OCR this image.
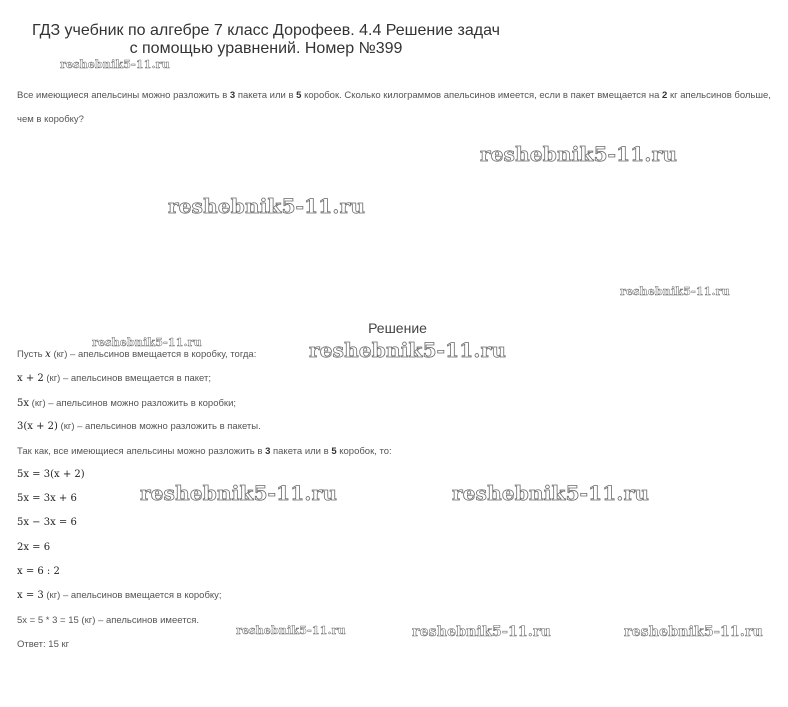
ГДЗ учебник по алгебре 7 класс Дорофеев. 4.4 Решение задач
с помощью уравнений. Номер №399
Все имеющиеся апельсины можно разложить в 3 пакета или в 5 коробок. Сколько килограммов апельсинов имеется, если в пакет вмещается на 2 кг апельсинов больше, чем в коробку?
Решение
Пусть x (кг) – апельсинов вмещается в коробку, тогда:
x + 2 (кг) – апельсинов вмещается в пакет;
5x (кг) – апельсинов можно разложить в коробки;
3(x + 2) (кг) – апельсинов можно разложить в пакеты.
Так как, все имеющиеся апельсины можно разложить в 3 пакета или в 5 коробок, то:
5x = 3(x + 2)
5x = 3x + 6
5x − 3x = 6
2x = 6
x = 6 : 2
x = 3 (кг) – апельсинов вмещается в коробку;
5x = 5 * 3 = 15 (кг) – апельсинов имеется.
Ответ: 15 кг
reshebnik5-11.ru
reshebnik5-11.ru
reshebnik5-11.ru
reshebnik5-11.ru
reshebnik5-11.ru	reshebnik5-11.ru
reshebnik5-11.ru	reshebnik5-11.ru
reshebnik5-11.ru	reshebnik5-11.ru	reshebnik5-11.ru
